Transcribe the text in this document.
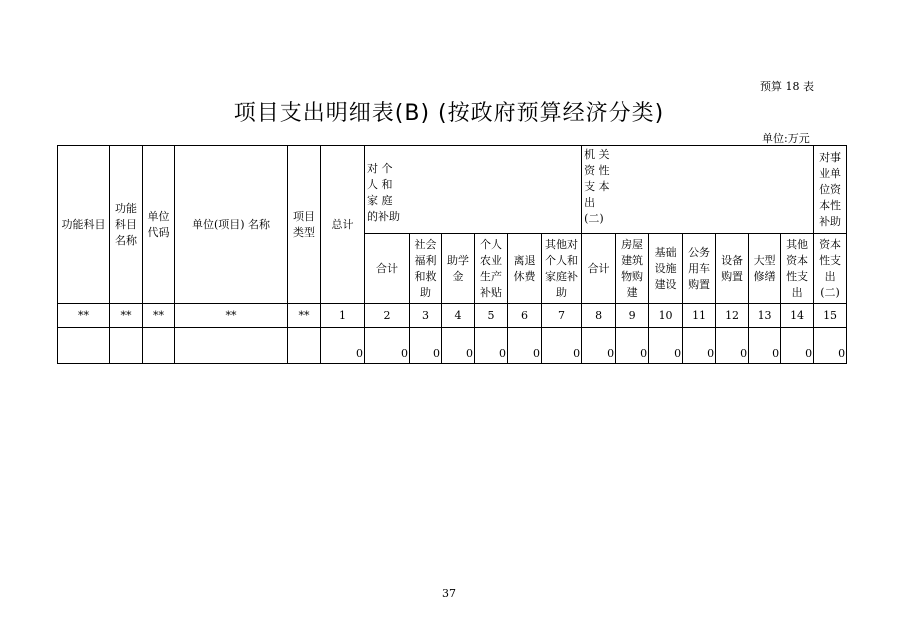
预算 18 表
项目支出明细表(B) (按政府预算经济分类)
单位:万元
功能科目	功能科目名称	单位代码	单位(项目) 名称	项目类型	总计	对 个 人 和 家 庭 的补助						机 关 资 性 支 本 出(二)							对事业单位资本性补助
						合计	社会福利和救助	助学金	个人农业生产补贴	离退休费	其他对个人和家庭补助	合计	房屋建筑物购建	基础设施建设	公务用车购置	设备购置	大型修缮	其他资本性支出	资本性支出(二)
**	**	**	**	**	1	2	3	4	5	6	7	8	9	10	11	12	13	14	15
					0	0	0	0	0	0	0	0	0	0	0	0	0	0	0
37
